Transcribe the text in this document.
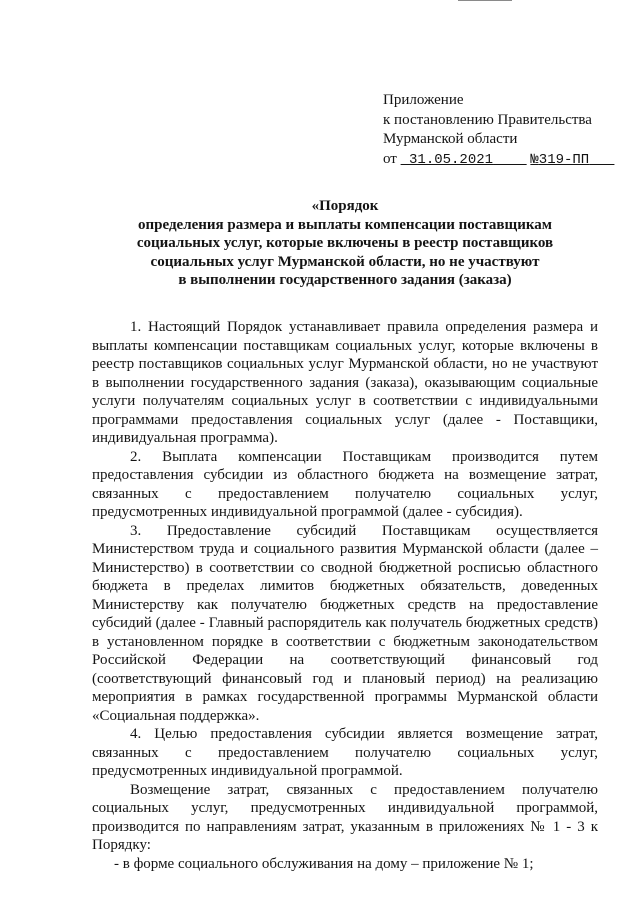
Приложение
к постановлению Правительства
Мурманской области
от 31.05.2021	№319-ПП
«Порядок
определения размера и выплаты компенсации поставщикам
социальных услуг, которые включены в реестр поставщиков
социальных услуг Мурманской области, но не участвуют
в выполнении государственного задания (заказа)

1. Настоящий Порядок устанавливает правила определения размера и выплаты компенсации поставщикам социальных услуг, которые включены в реестр поставщиков социальных услуг Мурманской области, но не участвуют в выполнении государственного задания (заказа), оказывающим социальные услуги получателям социальных услуг в соответствии с индивидуальными программами предоставления социальных услуг (далее - Поставщики, индивидуальная программа).

2. Выплата компенсации Поставщикам производится путем предоставления субсидии из областного бюджета на возмещение затрат, связанных с предоставлением получателю социальных услуг, предусмотренных индивидуальной программой (далее - субсидия).

3. Предоставление субсидий Поставщикам осуществляется Министерством труда и социального развития Мурманской области (далее – Министерство) в соответствии со сводной бюджетной росписью областного бюджета в пределах лимитов бюджетных обязательств, доведенных Министерству как получателю бюджетных средств на предоставление субсидий (далее - Главный распорядитель как получатель бюджетных средств) в установленном порядке в соответствии с бюджетным законодательством Российской Федерации на соответствующий финансовый год (соответствующий финансовый год и плановый период) на реализацию мероприятия в рамках государственной программы Мурманской области «Социальная поддержка».

4. Целью предоставления субсидии является возмещение затрат, связанных с предоставлением получателю социальных услуг, предусмотренных индивидуальной программой.

Возмещение затрат, связанных с предоставлением получателю социальных услуг, предусмотренных индивидуальной программой, производится по направлениям затрат, указанным в приложениях № 1 - 3 к Порядку:

- в форме социального обслуживания на дому – приложение № 1;
